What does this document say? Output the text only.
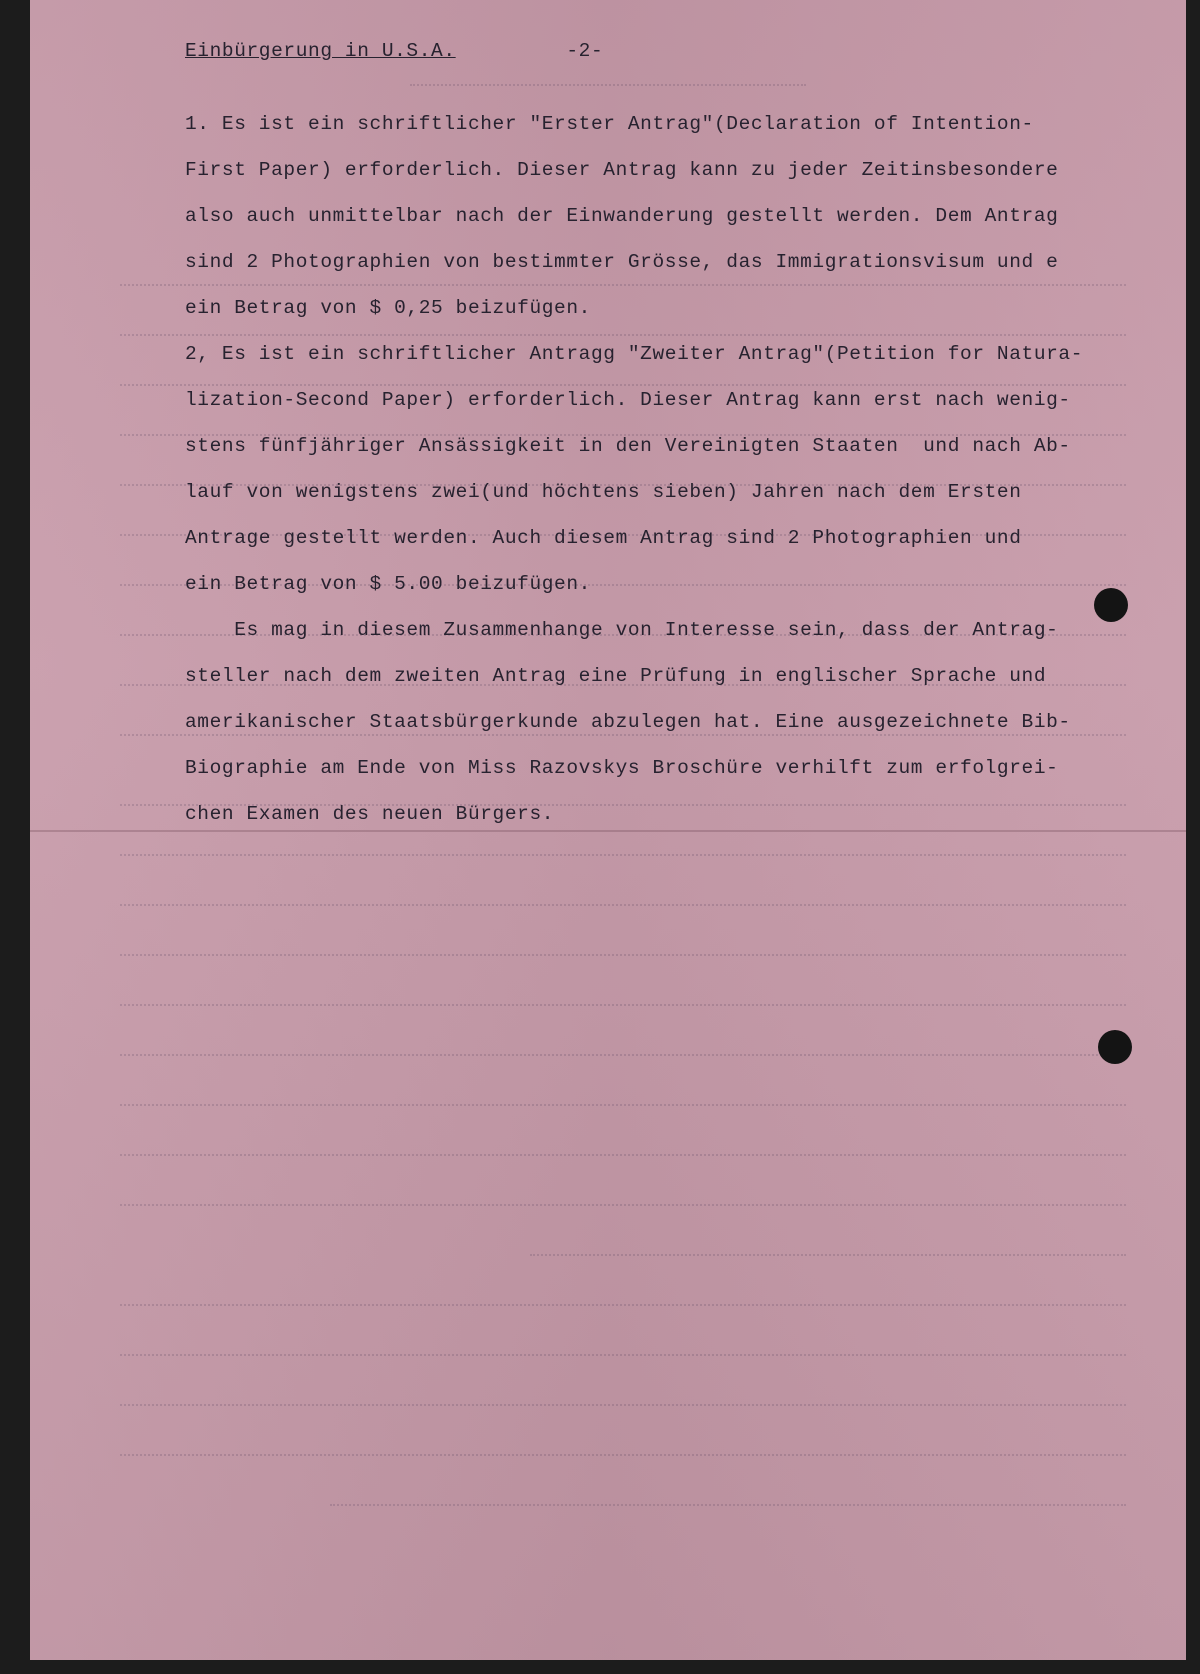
Einbürgerung in U.S.A.	-2-
1. Es ist ein schriftlicher "Erster Antrag"(Declaration of Intention-
First Paper) erforderlich. Dieser Antrag kann zu jeder Zeitinsbesondere
also auch unmittelbar nach der Einwanderung gestellt werden. Dem Antrag
sind 2 Photographien von bestimmter Grösse, das Immigrationsvisum und e
ein Betrag von $ 0,25 beizufügen.
2, Es ist ein schriftlicher Antragg "Zweiter Antrag"(Petition for Natura-
lization-Second Paper) erforderlich. Dieser Antrag kann erst nach wenig-
stens fünfjähriger Ansässigkeit in den Vereinigten Staaten  und nach Ab-
lauf von wenigstens zwei(und höchtens sieben) Jahren nach dem Ersten
Antrage gestellt werden. Auch diesem Antrag sind 2 Photographien und
ein Betrag von $ 5.00 beizufügen.
Es mag in diesem Zusammenhange von Interesse sein, dass der Antrag-
steller nach dem zweiten Antrag eine Prüfung in englischer Sprache und
amerikanischer Staatsbürgerkunde abzulegen hat. Eine ausgezeichnete Bib-
Biographie am Ende von Miss Razovskys Broschüre verhilft zum erfolgrei-
chen Examen des neuen Bürgers.
